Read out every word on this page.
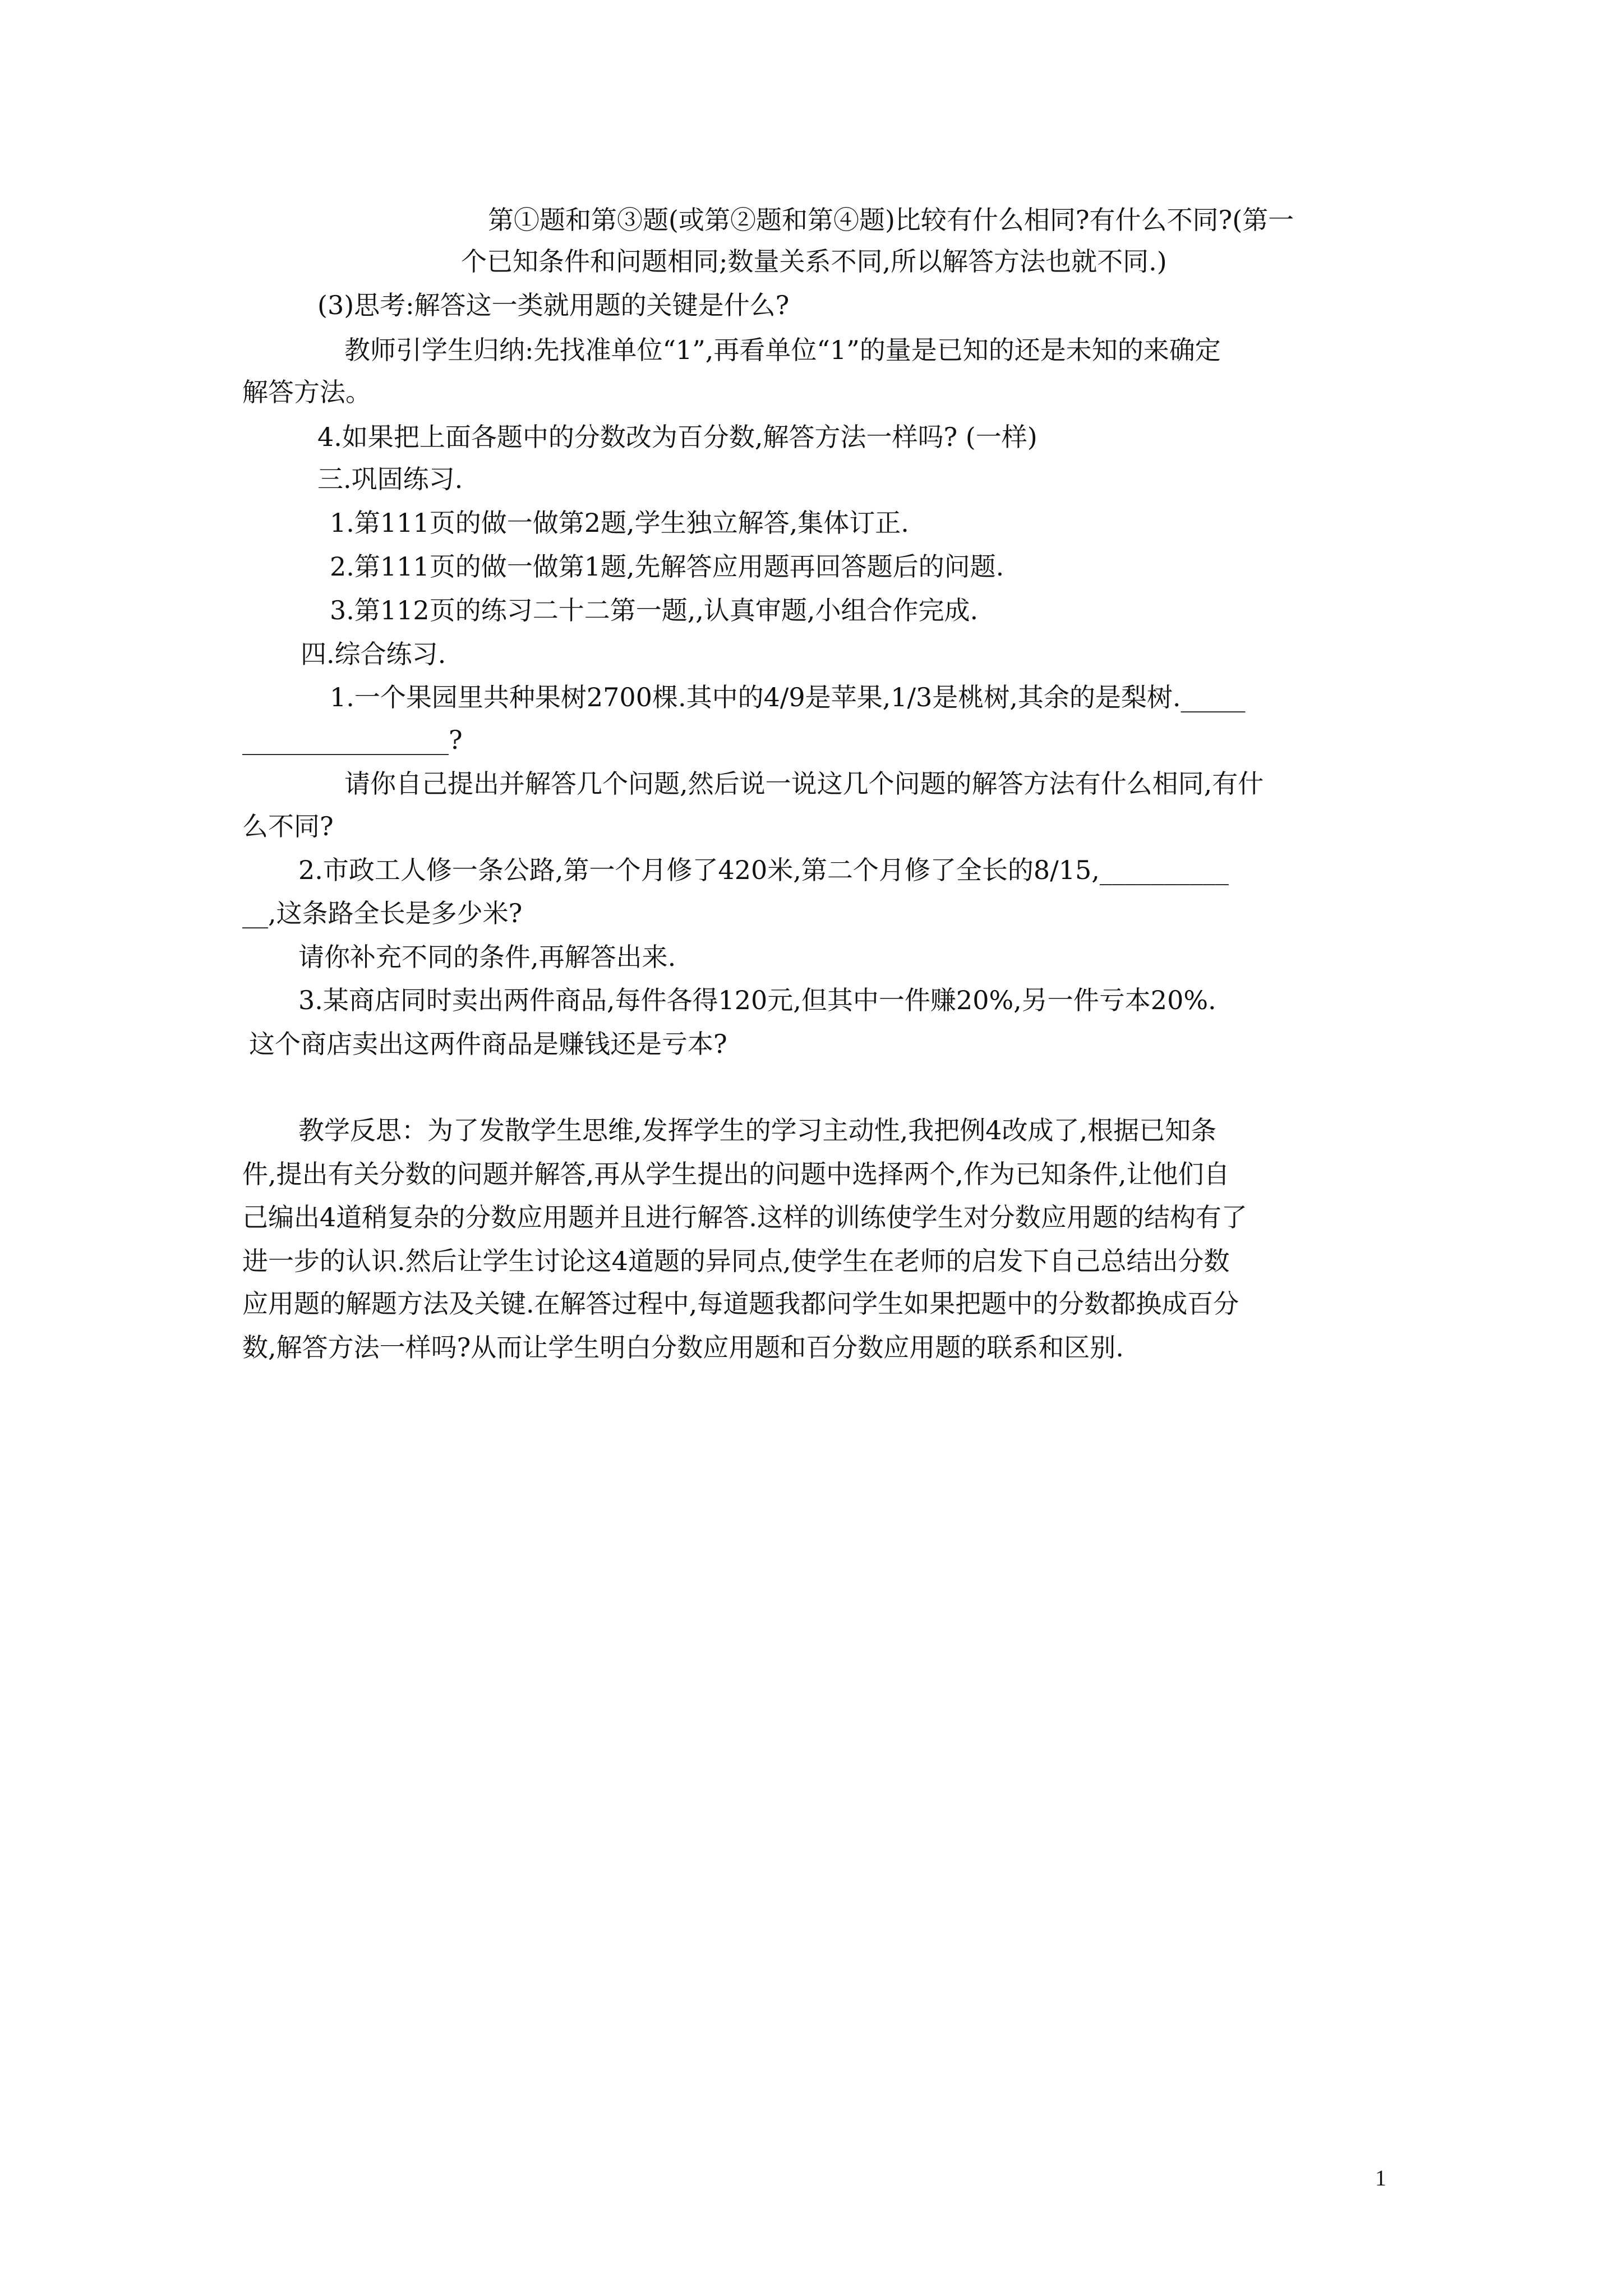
第①题和第③题(或第②题和第④题)比较有什么相同?有什么不同?(第一

个已知条件和问题相同;数量关系不同,所以解答方法也就不同.)

(3)思考:解答这一类就用题的关键是什么?

教师引学生归纳:先找准单位“1”,再看单位“1”的量是已知的还是未知的来确定

解答方法。

4.如果把上面各题中的分数改为百分数,解答方法一样吗? (一样)

三.巩固练习.

1.第111页的做一做第2题,学生独立解答,集体订正.

2.第111页的做一做第1题,先解答应用题再回答题后的问题.

3.第112页的练习二十二第一题,,认真审题,小组合作完成.

四.综合练习.

1.一个果园里共种果树2700棵.其中的4/9是苹果,1/3是桃树,其余的是梨树._____

________________?

请你自己提出并解答几个问题,然后说一说这几个问题的解答方法有什么相同,有什

么不同?

2.市政工人修一条公路,第一个月修了420米,第二个月修了全长的8/15,__________

__,这条路全长是多少米?

请你补充不同的条件,再解答出来.

3.某商店同时卖出两件商品,每件各得120元,但其中一件赚20%,另一件亏本20%.

这个商店卖出这两件商品是赚钱还是亏本?

教学反思：为了发散学生思维,发挥学生的学习主动性,我把例4改成了,根据已知条

件,提出有关分数的问题并解答,再从学生提出的问题中选择两个,作为已知条件,让他们自

己编出4道稍复杂的分数应用题并且进行解答.这样的训练使学生对分数应用题的结构有了

进一步的认识.然后让学生讨论这4道题的异同点,使学生在老师的启发下自己总结出分数

应用题的解题方法及关键.在解答过程中,每道题我都问学生如果把题中的分数都换成百分

数,解答方法一样吗?从而让学生明白分数应用题和百分数应用题的联系和区别.

1
